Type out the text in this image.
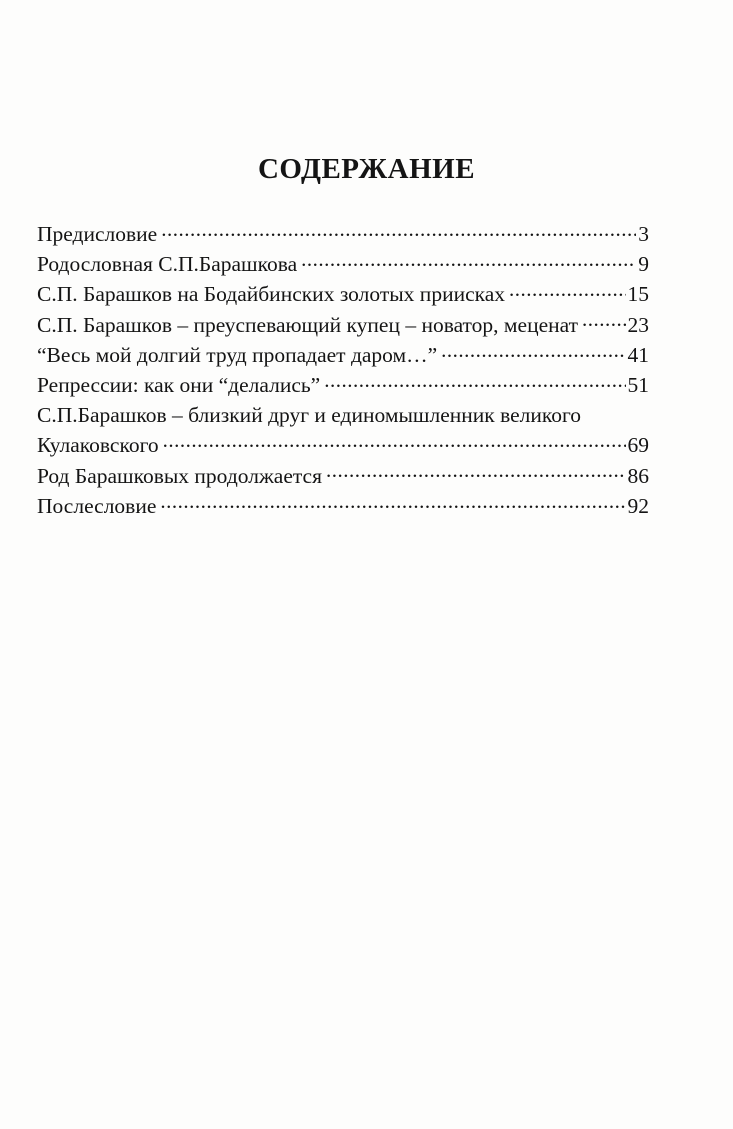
СОДЕРЖАНИЕ
Предисловие .....	3
Родословная С.П.Барашкова .....	9
С.П. Барашков на Бодайбинских золотых приисках .....	15
С.П. Барашков – преуспевающий купец – новатор, меценат ..... 23
“Весь мой долгий труд пропадает даром…” .....	41
Репрессии: как они “делались” .....	51
С.П.Барашков – близкий друг и единомышленник великого
Кулаковского .....	69
Род Барашковых продолжается .....	86
Послесловие .....	92
